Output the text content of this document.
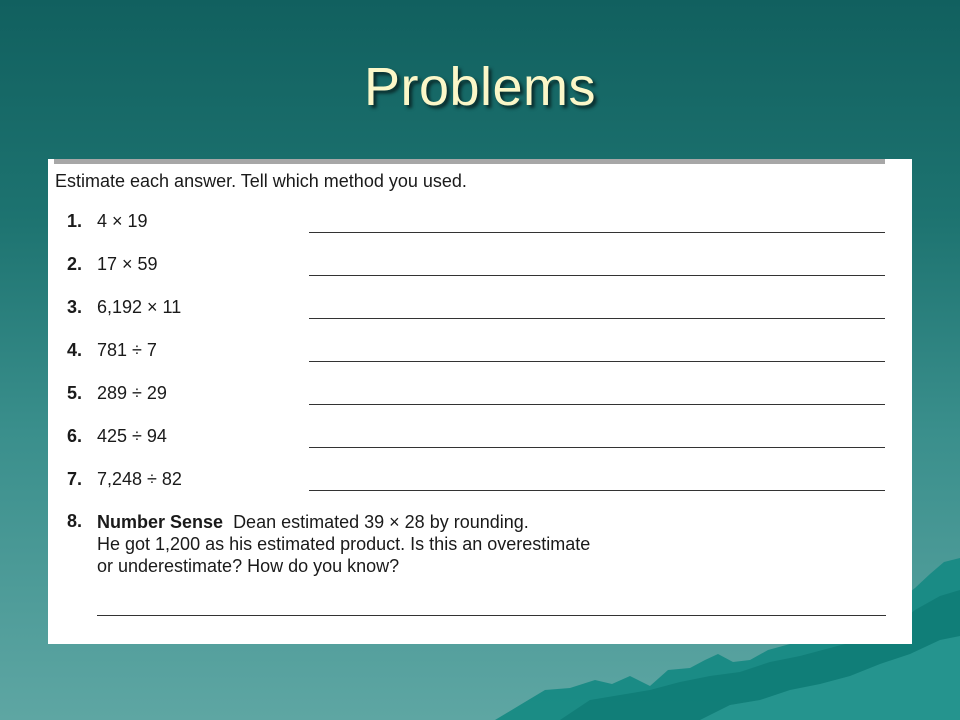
Problems
Estimate each answer. Tell which method you used.
1. 4 × 19
2. 17 × 59
3. 6,192 × 11
4. 781 ÷ 7
5. 289 ÷ 29
6. 425 ÷ 94
7. 7,248 ÷ 82
8. Number Sense Dean estimated 39 × 28 by rounding.
He got 1,200 as his estimated product. Is this an overestimate
or underestimate? How do you know?
